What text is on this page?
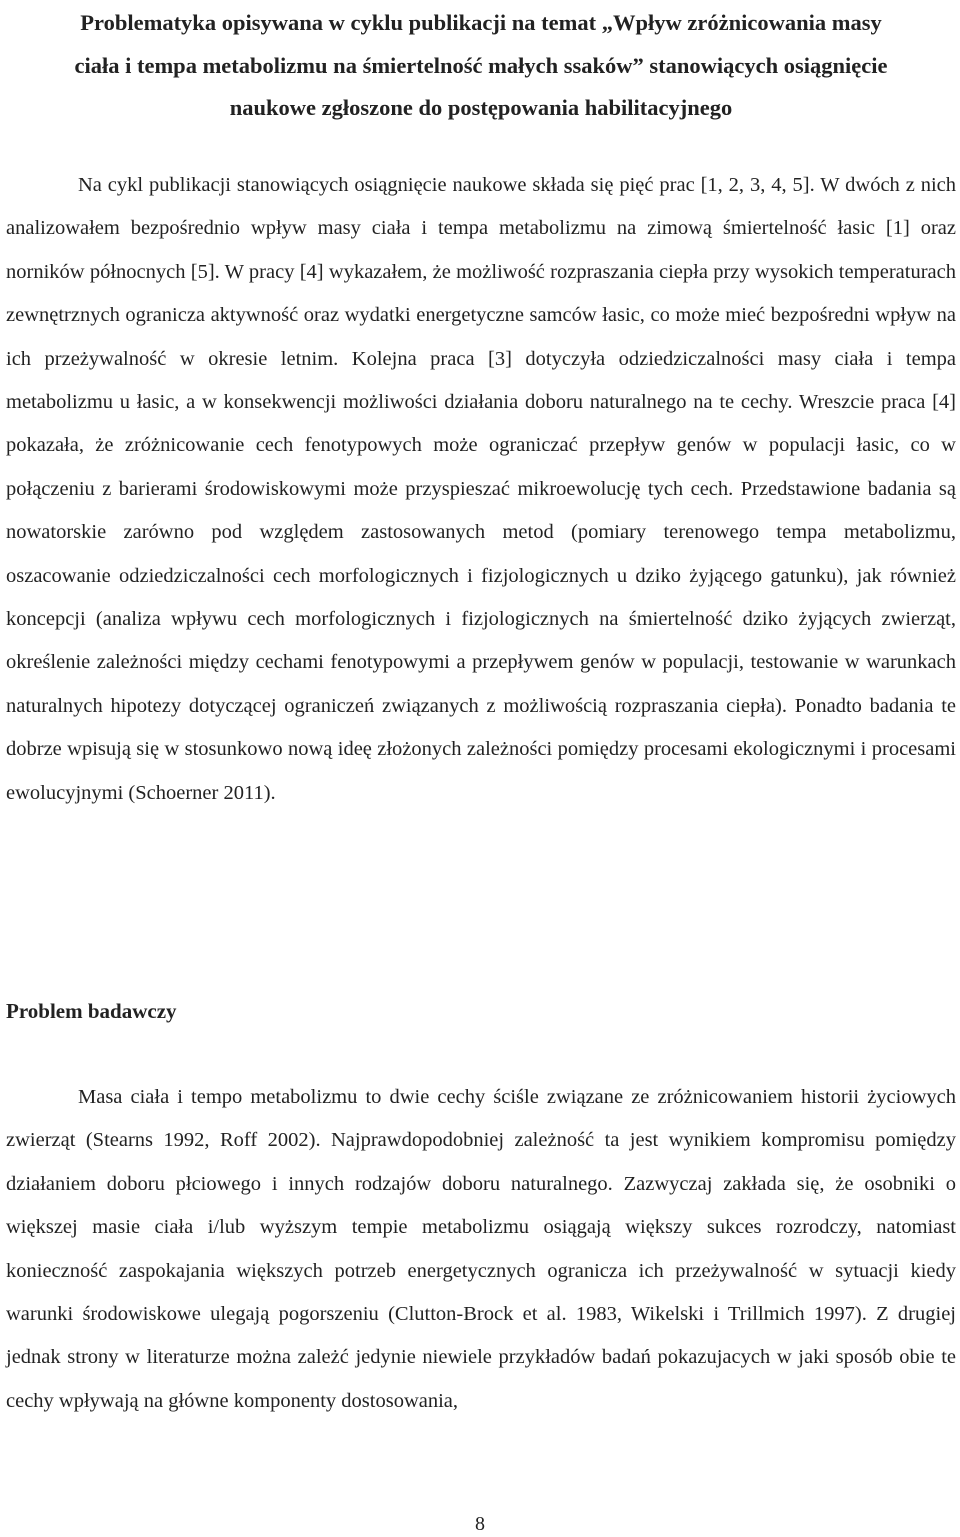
Problematyka opisywana w cyklu publikacji na temat „Wpływ zróżnicowania masy
ciała i tempa metabolizmu na śmiertelność małych ssaków” stanowiących osiągnięcie
naukowe zgłoszone do postępowania habilitacyjnego

Na cykl publikacji stanowiących osiągnięcie naukowe składa się pięć prac [1, 2, 3, 4, 5]. W dwóch z nich analizowałem bezpośrednio wpływ masy ciała i tempa metabolizmu na zimową śmiertelność łasic [1] oraz norników północnych [5]. W pracy [4] wykazałem, że możliwość rozpraszania ciepła przy wysokich temperaturach zewnętrznych ogranicza aktywność oraz wydatki energetyczne samców łasic, co może mieć bezpośredni wpływ na ich przeżywalność w okresie letnim. Kolejna praca [3] dotyczyła odziedziczalności masy ciała i tempa metabolizmu u łasic, a w konsekwencji możliwości działania doboru naturalnego na te cechy. Wreszcie praca [4] pokazała, że zróżnicowanie cech fenotypowych może ograniczać przepływ genów w populacji łasic, co w połączeniu z barierami środowiskowymi może przyspieszać mikroewolucję tych cech. Przedstawione badania są nowatorskie zarówno pod względem zastosowanych metod (pomiary terenowego tempa metabolizmu, oszacowanie odziedziczalności cech morfologicznych i fizjologicznych u dziko żyjącego gatunku), jak również koncepcji (analiza wpływu cech morfologicznych i fizjologicznych na śmiertelność dziko żyjących zwierząt, określenie zależności między cechami fenotypowymi a przepływem genów w populacji, testowanie w warunkach naturalnych hipotezy dotyczącej ograniczeń związanych z możliwością rozpraszania ciepła). Ponadto badania te dobrze wpisują się w stosunkowo nową ideę złożonych zależności pomiędzy procesami ekologicznymi i procesami ewolucyjnymi (Schoerner 2011).

Problem badawczy

Masa ciała i tempo metabolizmu to dwie cechy ściśle związane ze zróżnicowaniem historii życiowych zwierząt (Stearns 1992, Roff 2002). Najprawdopodobniej zależność ta jest wynikiem kompromisu pomiędzy działaniem doboru płciowego i innych rodzajów doboru naturalnego. Zazwyczaj zakłada się, że osobniki o większej masie ciała i/lub wyższym tempie metabolizmu osiągają większy sukces rozrodczy, natomiast konieczność zaspokajania większych potrzeb energetycznych ogranicza ich przeżywalność w sytuacji kiedy warunki środowiskowe ulegają pogorszeniu (Clutton-Brock et al. 1983, Wikelski i Trillmich 1997). Z drugiej jednak strony w literaturze można zależć jedynie niewiele przykładów badań pokazujacych w jaki sposób obie te cechy wpływają na główne komponenty dostosowania,

8
